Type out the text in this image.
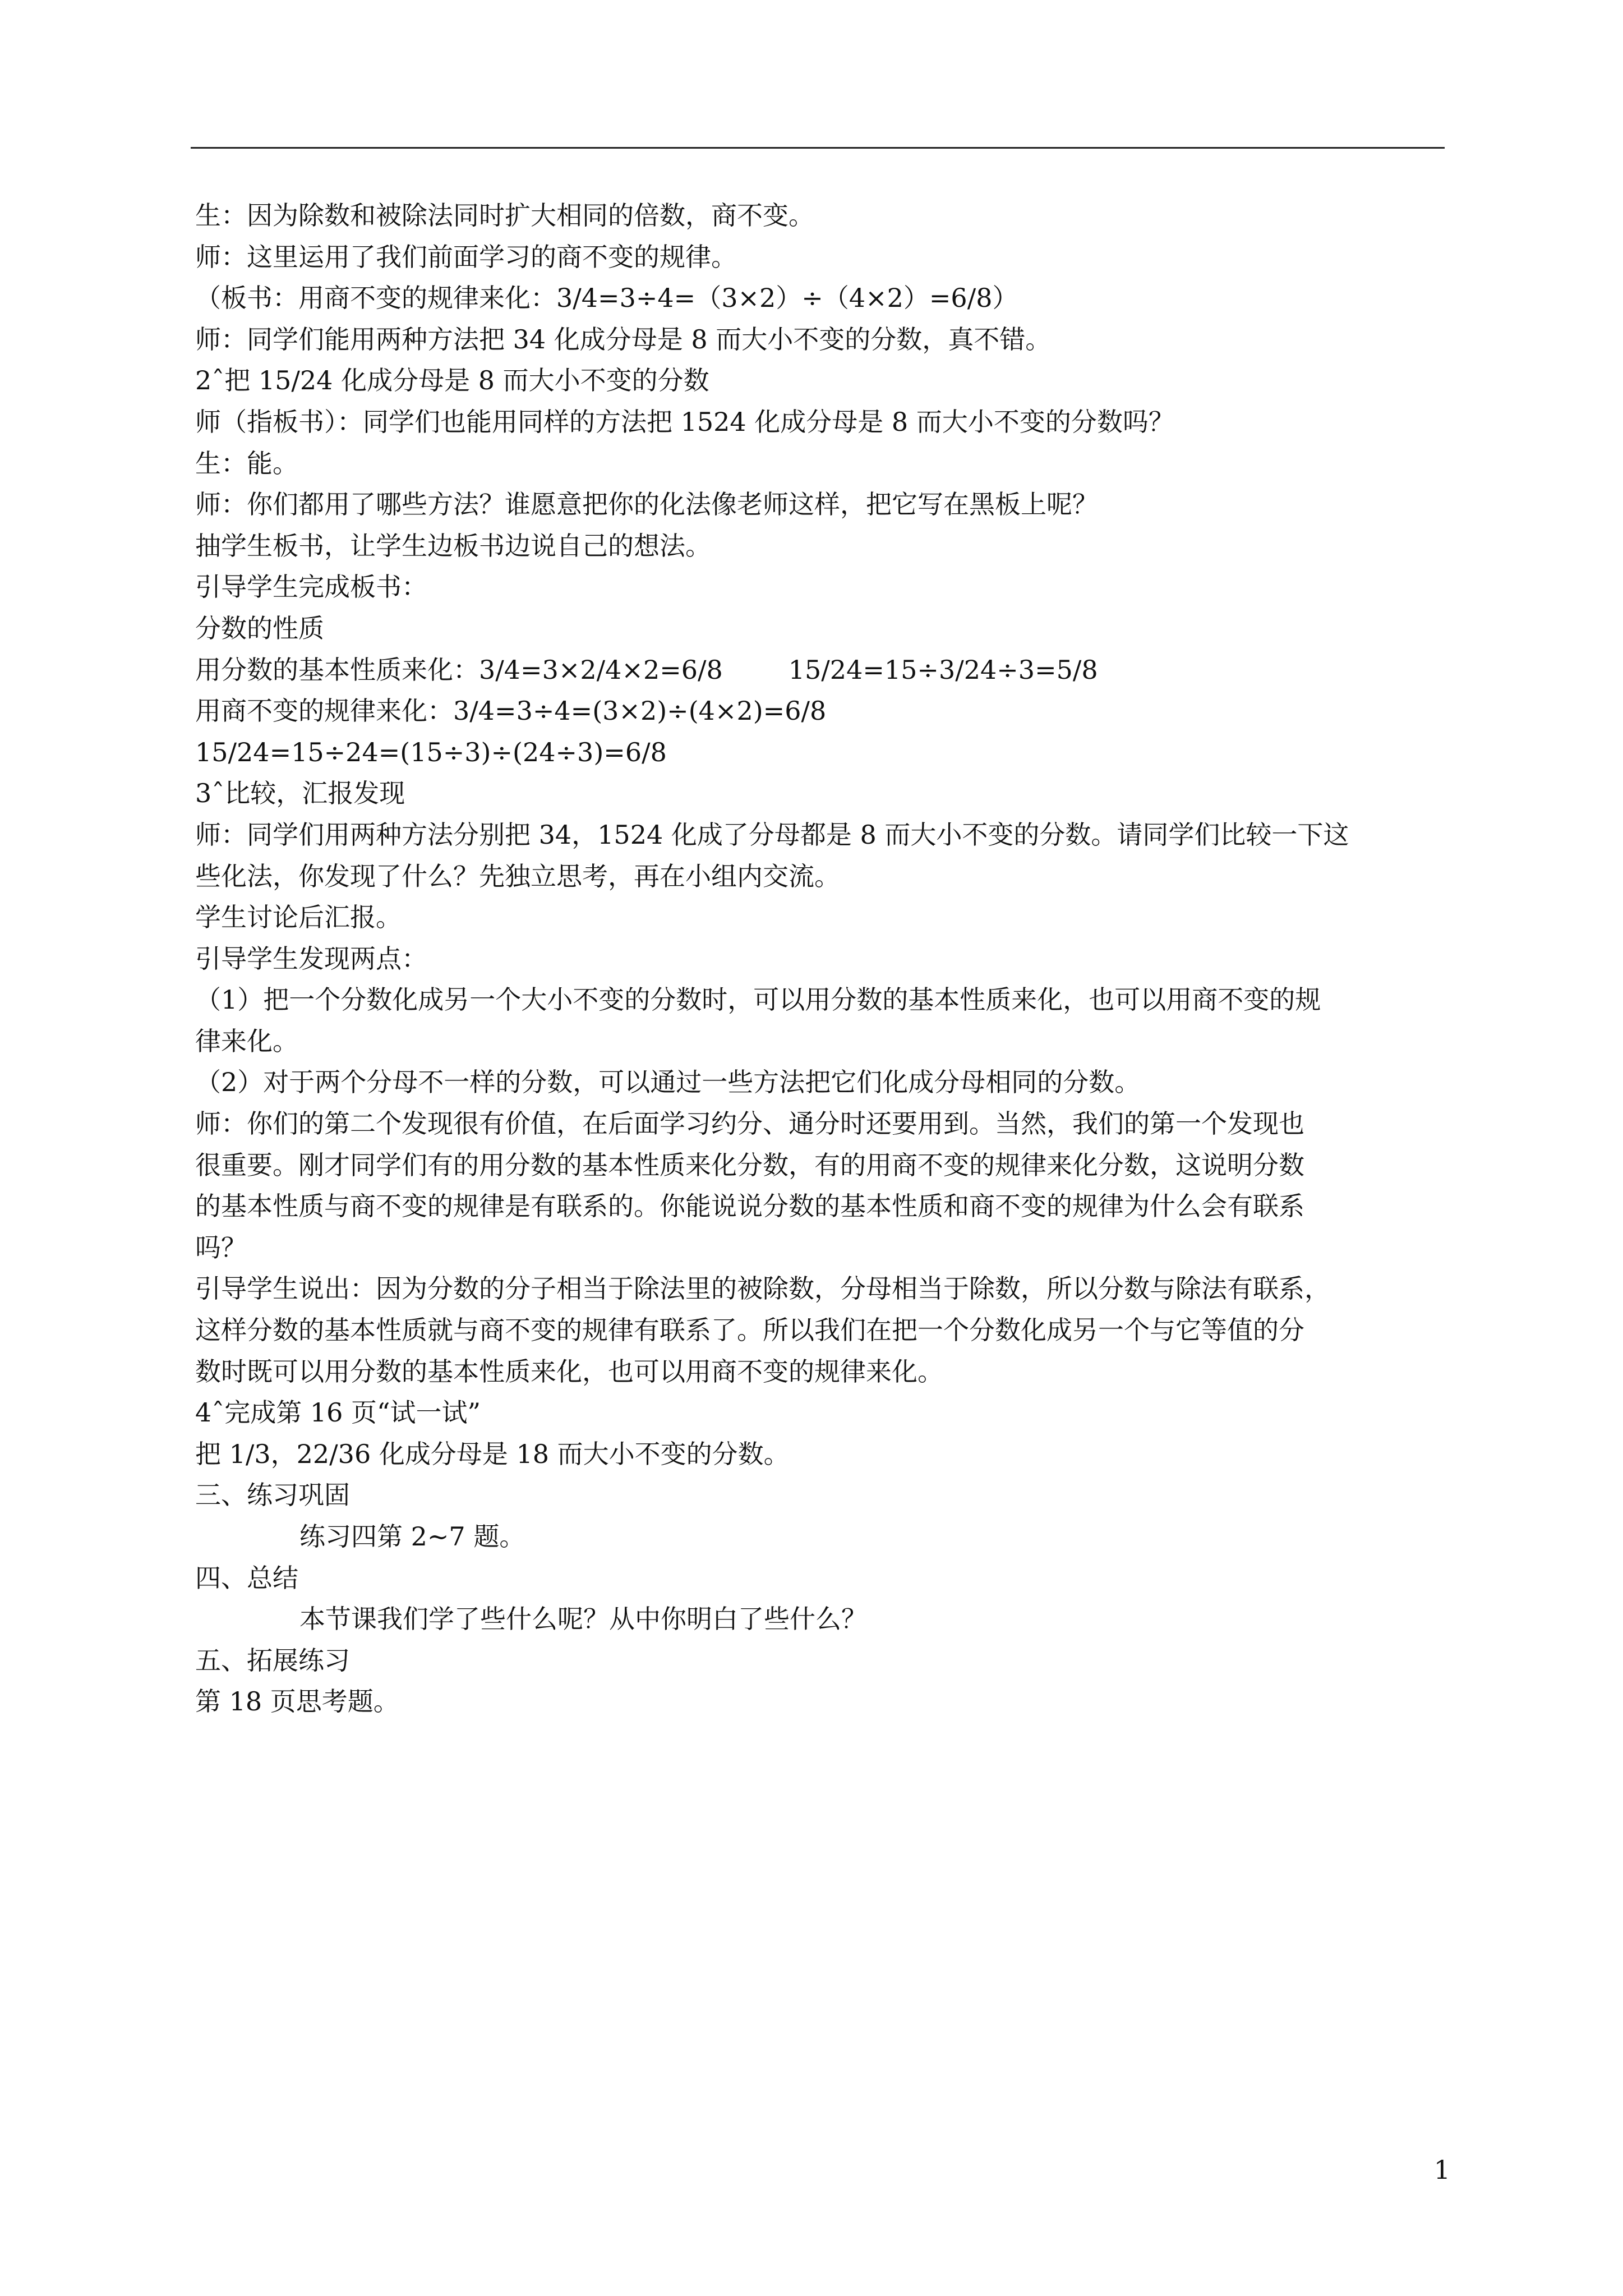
生：因为除数和被除法同时扩大相同的倍数，商不变。

师：这里运用了我们前面学习的商不变的规律。

（板书：用商不变的规律来化：3/4=3÷4=（3×2）÷（4×2）=6/8）

师：同学们能用两种方法把 34 化成分母是 8 而大小不变的分数，真不错。

2ˆ把 15/24 化成分母是 8 而大小不变的分数

师（指板书）：同学们也能用同样的方法把 1524 化成分母是 8 而大小不变的分数吗？

生：能。

师：你们都用了哪些方法？谁愿意把你的化法像老师这样，把它写在黑板上呢？

抽学生板书，让学生边板书边说自己的想法。

引导学生完成板书：

分数的性质

用分数的基本性质来化：3/4=3×2/4×2=6/8        15/24=15÷3/24÷3=5/8

用商不变的规律来化：3/4=3÷4=(3×2)÷(4×2)=6/8

15/24=15÷24=(15÷3)÷(24÷3)=6/8

3ˆ比较，汇报发现

师：同学们用两种方法分别把 34，1524 化成了分母都是 8 而大小不变的分数。请同学们比较一下这

些化法，你发现了什么？先独立思考，再在小组内交流。

学生讨论后汇报。

引导学生发现两点：

（1）把一个分数化成另一个大小不变的分数时，可以用分数的基本性质来化，也可以用商不变的规

律来化。

（2）对于两个分母不一样的分数，可以通过一些方法把它们化成分母相同的分数。

师：你们的第二个发现很有价值，在后面学习约分、通分时还要用到。当然，我们的第一个发现也

很重要。刚才同学们有的用分数的基本性质来化分数，有的用商不变的规律来化分数，这说明分数

的基本性质与商不变的规律是有联系的。你能说说分数的基本性质和商不变的规律为什么会有联系

吗？

引导学生说出：因为分数的分子相当于除法里的被除数，分母相当于除数，所以分数与除法有联系，

这样分数的基本性质就与商不变的规律有联系了。所以我们在把一个分数化成另一个与它等值的分

数时既可以用分数的基本性质来化，也可以用商不变的规律来化。

4ˆ完成第 16 页“试一试”

把 1/3，22/36 化成分母是 18 而大小不变的分数。

三、练习巩固

练习四第 2~7 题。

四、总结

本节课我们学了些什么呢？从中你明白了些什么？

五、拓展练习

第 18 页思考题。

1
